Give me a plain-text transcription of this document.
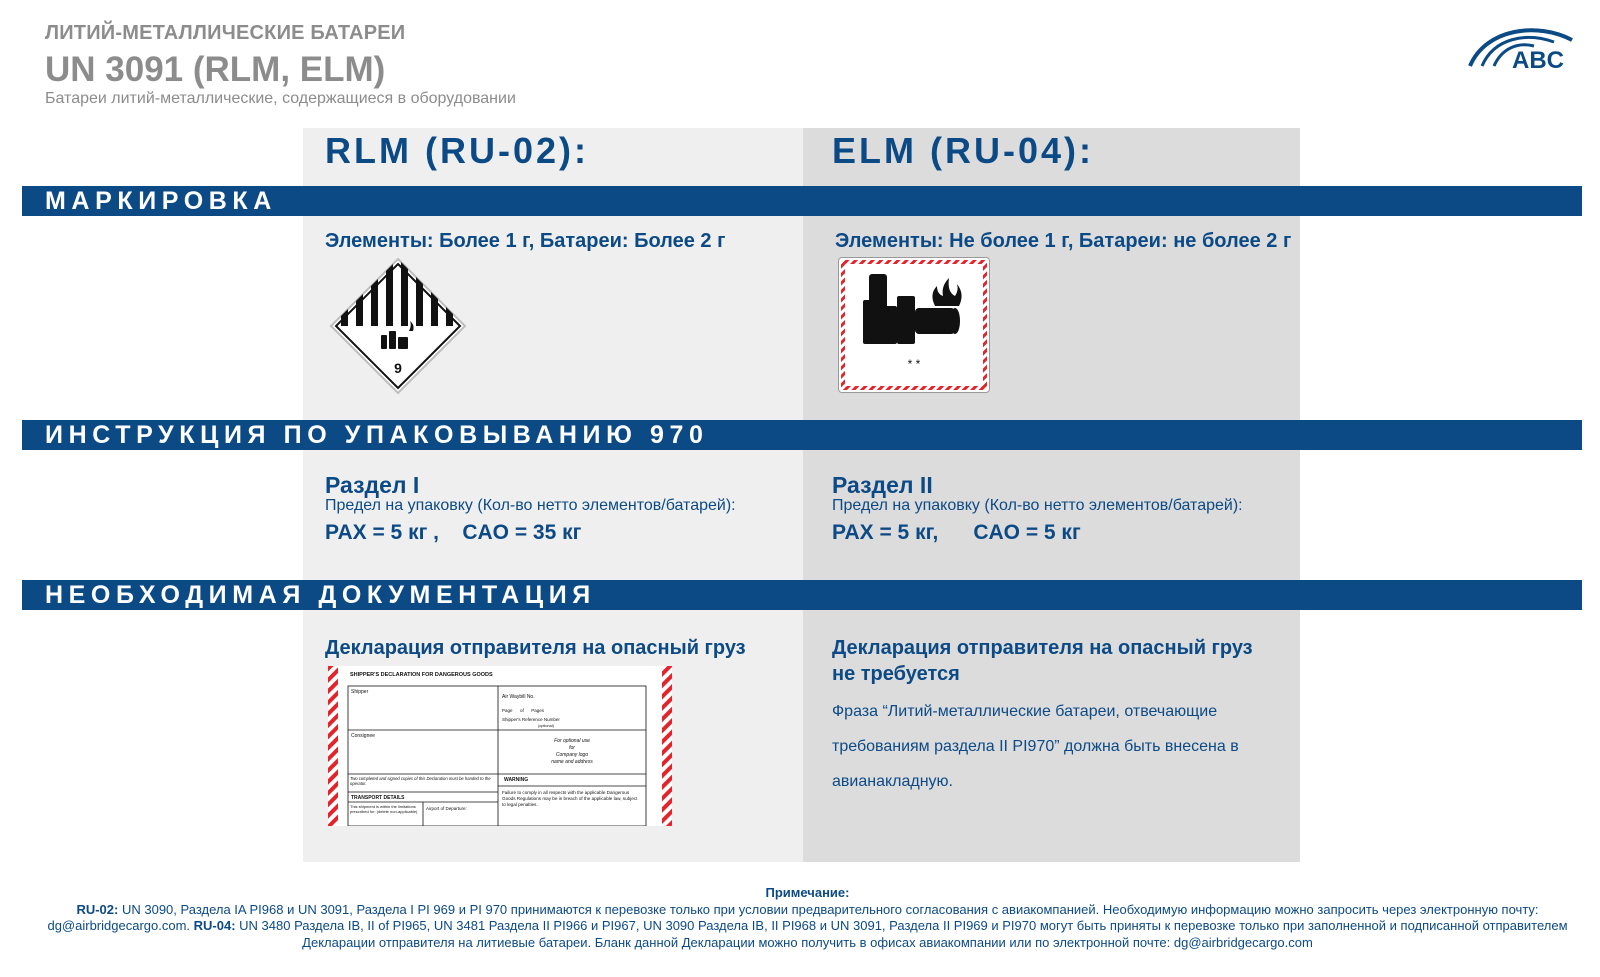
ЛИТИЙ-МЕТАЛЛИЧЕСКИЕ БАТАРЕИ
UN 3091 (RLM, ELM)
Батареи литий-металлические, содержащиеся в оборудовании
ABC
RLM (RU-02):	ELM (RU-04):
МАРКИРОВКА
Элементы: Более 1 г, Батареи: Более 2 г	Элементы: Не более 1 г, Батареи: не более 2 г
9	* *
ИНСТРУКЦИЯ ПО УПАКОВЫВАНИЮ 970
Раздел I
Предел на упаковку (Кол-во нетто элементов/батарей):
PAX = 5 кг ,    CAO = 35 кг
Раздел II
Предел на упаковку (Кол-во нетто элементов/батарей):
PAX = 5 кг,      CAO = 5 кг
НЕОБХОДИМАЯ ДОКУМЕНТАЦИЯ
Декларация отправителя на опасный груз	Декларация отправителя на опасный груз
не требуется
Фраза “Литий-металлические батареи, отвечающие требованиям раздела II PI970” должна быть внесена в авианакладную.
SHIPPER'S DECLARATION FOR DANGEROUS GOODS
Shipper
Air Waybill No.
Page      of      Pages
Shipper's Reference Number
(optional)
Consignee
For optional use
for
Company logo
name and address
Two completed and signed copies of this Declaration must be handed to the operator.
WARNING
TRANSPORT DETAILS
Failure to comply in all respects with the applicable Dangerous Goods Regulations may be in breach of the applicable law, subject to legal penalties.
This shipment is within the limitations prescribed for: (delete non-applicable)
Airport of Departure:
Примечание:
RU-02: UN 3090, Раздела IA PI968 и UN 3091, Раздела I PI 969 и PI 970 принимаются к перевозке только при условии предварительного согласования с авиакомпанией. Необходимую информацию можно запросить через электронную почту: dg@airbridgecargo.com. RU-04: UN 3480 Раздела IB, II of PI965, UN 3481 Раздела II PI966 и PI967, UN 3090 Раздела IB, II PI968 и UN 3091, Раздела II PI969 и PI970 могут быть приняты к перевозке только при заполненной и подписанной отправителем Декларации отправителя на литиевые батареи. Бланк данной Декларации можно получить в офисах авиакомпании или по электронной почте: dg@airbridgecargo.com
